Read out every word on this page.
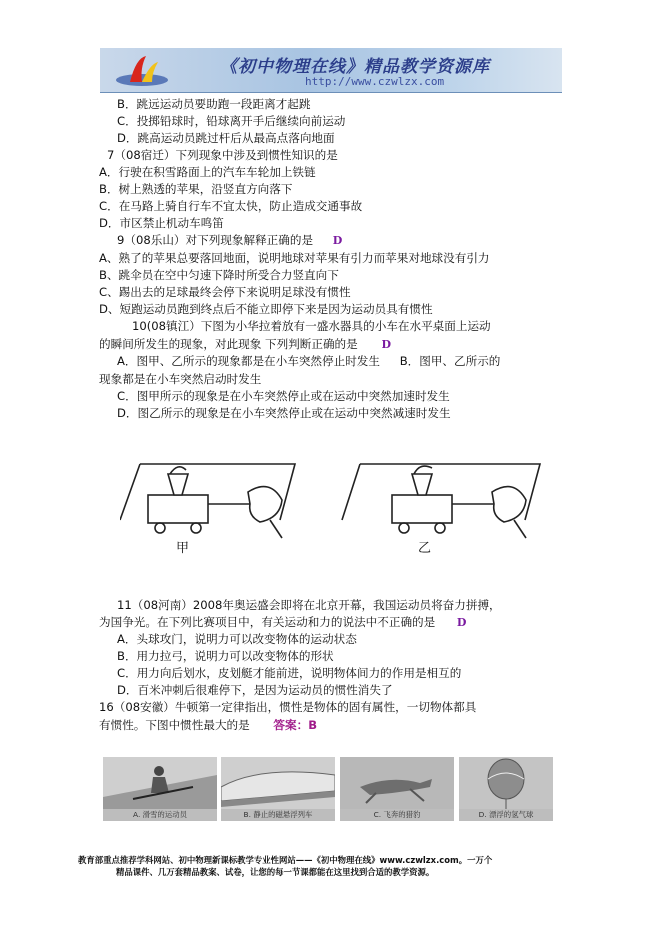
《初中物理在线》精品教学资源库
http://www.czwlzx.com
B．跳远运动员要助跑一段距离才起跳
C．投掷铅球时，铅球离开手后继续向前运动
D．跳高运动员跳过杆后从最高点落向地面
7（08宿迁）下列现象中涉及到惯性知识的是
A．行驶在积雪路面上的汽车车轮加上铁链
B．树上熟透的苹果，沿竖直方向落下
C．在马路上骑自行车不宜太快，防止造成交通事故
D．市区禁止机动车鸣笛
9（08乐山）对下列现象解释正确的是 D
A、熟了的苹果总要落回地面，说明地球对苹果有引力而苹果对地球没有引力
B、跳伞员在空中匀速下降时所受合力竖直向下
C、踢出去的足球最终会停下来说明足球没有惯性
D、短跑运动员跑到终点后不能立即停下来是因为运动员具有惯性
10(08镇江）下图为小华拉着放有一盛水器具的小车在水平桌面上运动
的瞬间所发生的现象，对此现象 下列判断正确的是 D
A．图甲、乙所示的现象都是在小车突然停止时发生 B．图甲、乙所示的
现象都是在小车突然启动时发生
C．图甲所示的现象是在小车突然停止或在运动中突然加速时发生
D．图乙所示的现象是在小车突然停止或在运动中突然减速时发生
甲	乙
11（08河南）2008年奥运盛会即将在北京开幕，我国运动员将奋力拼搏，
为国争光。在下列比赛项目中，有关运动和力的说法中不正确的是 D
A．头球攻门，说明力可以改变物体的运动状态
B．用力拉弓，说明力可以改变物体的形状
C．用力向后划水，皮划艇才能前进，说明物体间力的作用是相互的
D．百米冲刺后很难停下，是因为运动员的惯性消失了
16（08安徽）牛顿第一定律指出，惯性是物体的固有属性，一切物体都具
有惯性。下图中惯性最大的是 答案：B
A. 滑雪的运动员	B. 静止的磁悬浮列车	C. 飞奔的猎豹	D. 漂浮的氢气球
教育部重点推荐学科网站、初中物理新课标教学专业性网站——《初中物理在线》www.czwlzx.com。一万个
精品课件、几万套精品教案、试卷，让您的每一节课都能在这里找到合适的教学资源。
